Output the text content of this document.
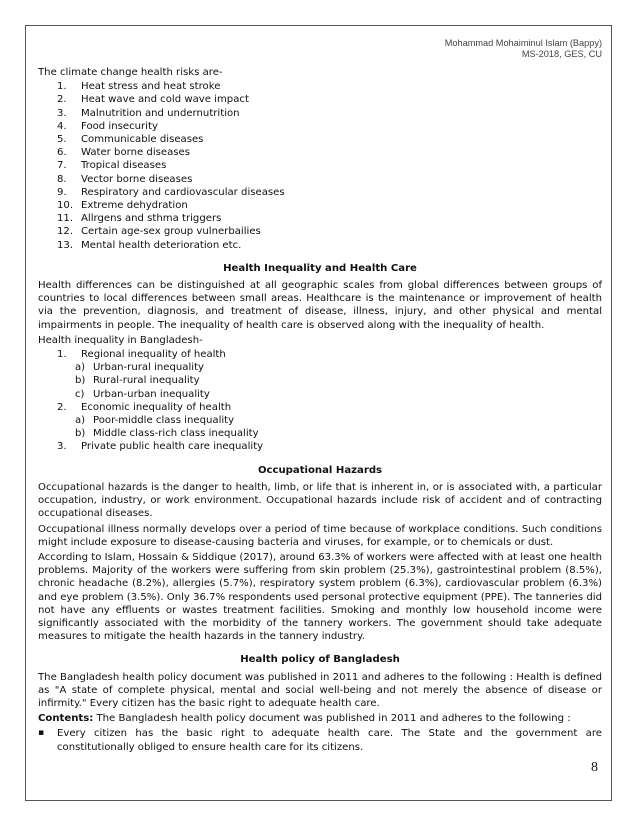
Mohammad Mohaiminul Islam (Bappy)
MS-2018, GES, CU

The climate change health risks are-

1.	Heat stress and heat stroke
2.	Heat wave and cold wave impact
3.	Malnutrition and undernutrition
4.	Food insecurity
5.	Communicable diseases
6.	Water borne diseases
7.	Tropical diseases
8.	Vector borne diseases
9.	Respiratory and cardiovascular diseases
10. Extreme dehydration
11. Allrgens and sthma triggers
12. Certain age-sex group vulnerbailies
13. Mental health deterioration etc.
Health Inequality and Health Care

Health differences can be distinguished at all geographic scales from global differences between groups of countries to local differences between small areas. Healthcare is the maintenance or improvement of health via the prevention, diagnosis, and treatment of disease, illness, injury, and other physical and mental impairments in people. The inequality of health care is observed along with the inequality of health.

Health inequality in Bangladesh-

1.	Regional inequality of health
a) Urban-rural inequality
b) Rural-rural inequality
c) Urban-urban inequality
2.	Economic inequality of health
a) Poor-middle class inequality
b) Middle class-rich class inequality
3.	Private public health care inequality
Occupational Hazards

Occupational hazards is the danger to health, limb, or life that is inherent in, or is associated with, a particular occupation, industry, or work environment. Occupational hazards include risk of accident and of contracting occupational diseases.

Occupational illness normally develops over a period of time because of workplace conditions. Such conditions might include exposure to disease-causing bacteria and viruses, for example, or to chemicals or dust.

According to Islam, Hossain & Siddique (2017), around 63.3% of workers were affected with at least one health problems. Majority of the workers were suffering from skin problem (25.3%), gastrointestinal problem (8.5%), chronic headache (8.2%), allergies (5.7%), respiratory system problem (6.3%), cardiovascular problem (6.3%) and eye problem (3.5%). Only 36.7% respondents used personal protective equipment (PPE). The tanneries did not have any effluents or wastes treatment facilities. Smoking and monthly low household income were significantly associated with the morbidity of the tannery workers. The government should take adequate measures to mitigate the health hazards in the tannery industry.

Health policy of Bangladesh

The Bangladesh health policy document was published in 2011 and adheres to the following : Health is defined as "A state of complete physical, mental and social well-being and not merely the absence of disease or infirmity." Every citizen has the basic right to adequate health care.

Contents: The Bangladesh health policy document was published in 2011 and adheres to the following :

▪ Every citizen has the basic right to adequate health care. The State and the government are constitutionally obliged to ensure health care for its citizens.
8
